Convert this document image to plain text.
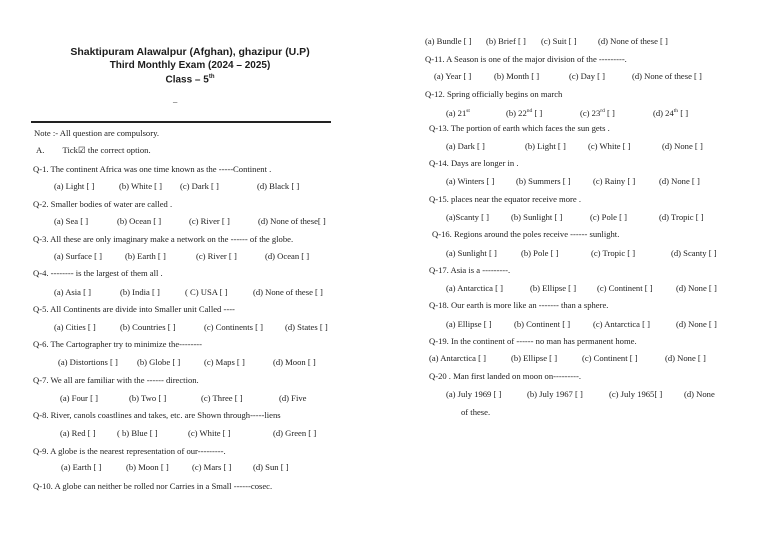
Shaktipuram Alawalpur (Afghan), ghazipur (U.P)
Third Monthly Exam (2024 – 2025)
Class – 5th
–
Note :- All question are compulsory.
A. Tick☑ the correct option.
Q-1. The continent Africa was one time known as the -----Continent .
(a) Light [ ]	(b) White [ ] (c) Dark [ ]	(d) Black [ ]
Q-2. Smaller bodies of water are called .
(a) Sea [ ]	(b) Ocean [ ]	(c) River [ ]	(d) None of these[ ]
Q-3. All these are only imaginary make a network on the ------ of the globe.
(a) Surface [ ]	(b) Earth [ ]	(c) River [ ]	(d) Ocean [ ]
Q-4. -------- is the largest of them all .
(a) Asia [ ]	(b) India [ ]	( C) USA [ ]	(d) None of these [ ]
Q-5. All Continents are divide into Smaller unit Called ----
(a) Cities [ ]	(b) Countries [ ]	(c) Continents [ ]	(d) States [ ]
Q-6. The Cartographer try to minimize the--------
(a) Distortions [ ] (b) Globe [ ]	(c) Maps [ ]	(d) Moon [ ]
Q-7. We all are familiar with the ------ direction.
(a) Four [ ]	(b) Two [ ]	(c) Three [ ]	(d) Five
Q-8. River, canols coastlines and takes, etc. are Shown through-----liens
(a) Red [ ] ( b) Blue [ ]	(c) White [ ]	(d) Green [ ]
Q-9. A globe is the nearest representation of our---------.
(a) Earth [ ]	(b) Moon [ ]	(c) Mars [ ]	(d) Sun [ ]
Q-10. A globe can neither be rolled nor Carries in a Small ------cosec.
(a) Bundle [ ] (b) Brief [ ] (c) Suit [ ] (d) None of these [ ]
Q-11. A Season is one of the major division of the ---------.
(a) Year [ ]	(b) Month [ ]	(c) Day [ ]	(d) None of these [ ]
Q-12. Spring officially begins on march
(a) 21st	(b) 22nd [ ]	(c) 23rd [ ]	(d) 24th [ ]
Q-13. The portion of earth which faces the sun gets .
(a) Dark [ ]	(b) Light [ ]	(c) White [ ]	(d) None [ ]
Q-14. Days are longer in .
(a) Winters [ ]	(b) Summers [ ]	(c) Rainy [ ]	(d) None [ ]
Q-15. places near the equator receive more .
(a)Scanty [ ]	(b) Sunlight [ ]	(c) Pole [ ]	(d) Tropic [ ]
Q-16. Regions around the poles receive ------ sunlight.
(a) Sunlight [ ]	(b) Pole [ ]	(c) Tropic [ ]	(d) Scanty [ ]
Q-17. Asia is a ---------.
(a) Antarctica [ ]	(b) Ellipse [ ] (c) Continent [ ]	(d) None [ ]
Q-18. Our earth is more like an ------- than a sphere.
(a) Ellipse [ ]	(b) Continent [ ]	(c) Antarctica [ ]	(d) None [ ]
Q-19. In the continent of ------ no man has permanent home.
(a) Antarctica [ ]	(b) Ellipse [ ]	(c) Continent [ ]	(d) None [ ]
Q-20 . Man first landed on moon on---------.
(a) July 1969 [ ]	(b) July 1967 [ ]	(c) July 1965[ ]	(d) None
of these.
